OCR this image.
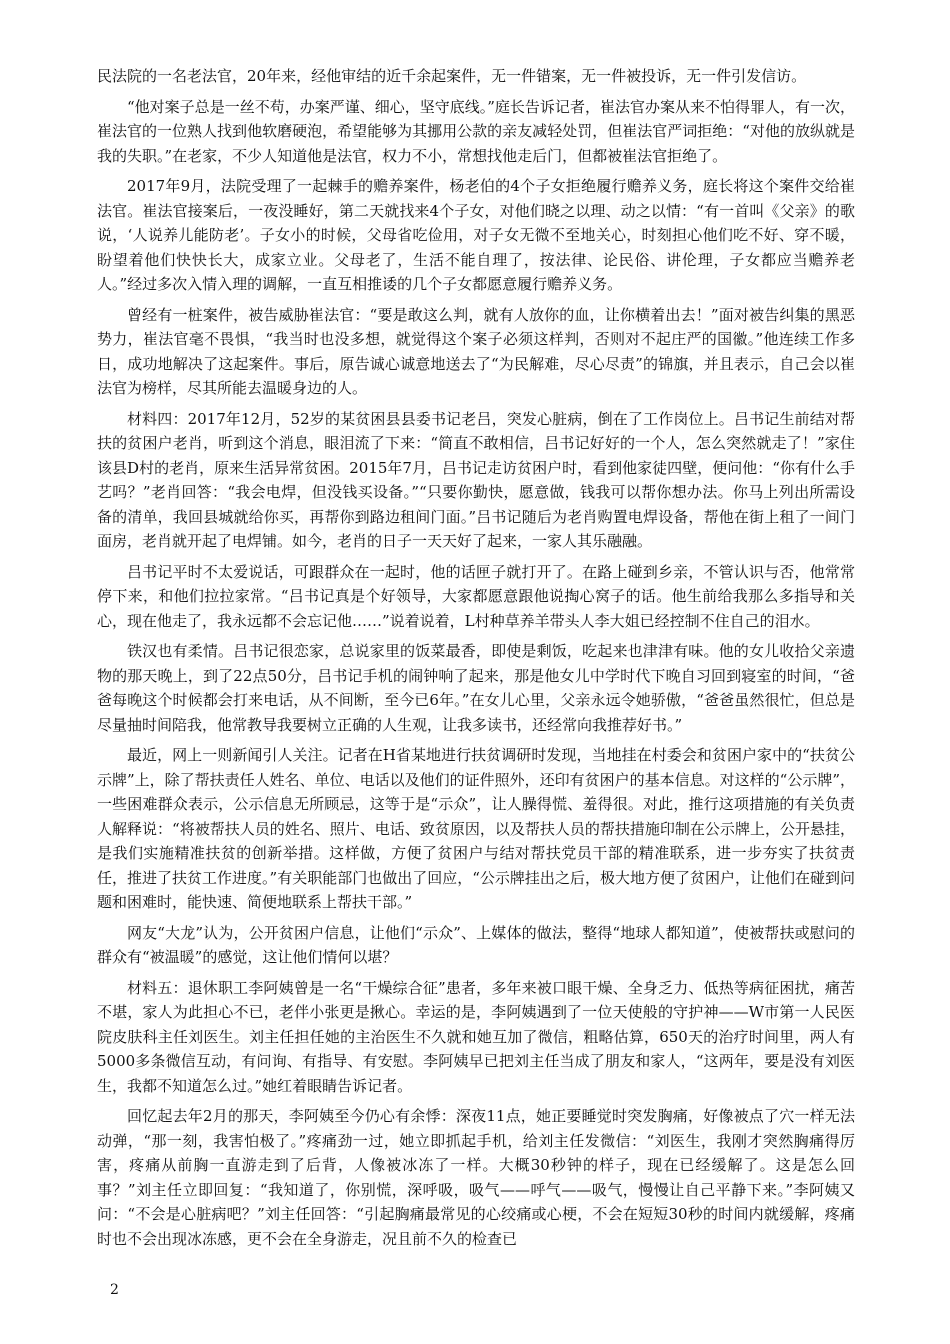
民法院的一名老法官，20年来，经他审结的近千余起案件，无一件错案，无一件被投诉，无一件引发信访。

“他对案子总是一丝不苟，办案严谨、细心，坚守底线。”庭长告诉记者，崔法官办案从来不怕得罪人，有一次，崔法官的一位熟人找到他软磨硬泡，希望能够为其挪用公款的亲友减轻处罚，但崔法官严词拒绝：“对他的放纵就是我的失职。”在老家，不少人知道他是法官，权力不小，常想找他走后门，但都被崔法官拒绝了。

2017年9月，法院受理了一起棘手的赡养案件，杨老伯的4个子女拒绝履行赡养义务，庭长将这个案件交给崔法官。崔法官接案后，一夜没睡好，第二天就找来4个子女，对他们晓之以理、动之以情：“有一首叫《父亲》的歌说，‘人说养儿能防老’。子女小的时候，父母省吃俭用，对子女无微不至地关心，时刻担心他们吃不好、穿不暖，盼望着他们快快长大，成家立业。父母老了，生活不能自理了，按法律、论民俗、讲伦理，子女都应当赡养老人。”经过多次入情入理的调解，一直互相推诿的几个子女都愿意履行赡养义务。

曾经有一桩案件，被告威胁崔法官：“要是敢这么判，就有人放你的血，让你横着出去！”面对被告纠集的黑恶势力，崔法官毫不畏惧，“我当时也没多想，就觉得这个案子必须这样判，否则对不起庄严的国徽。”他连续工作多日，成功地解决了这起案件。事后，原告诚心诚意地送去了“为民解难，尽心尽责”的锦旗，并且表示，自己会以崔法官为榜样，尽其所能去温暖身边的人。

材料四：2017年12月，52岁的某贫困县县委书记老吕，突发心脏病，倒在了工作岗位上。吕书记生前结对帮扶的贫困户老肖，听到这个消息，眼泪流了下来：“简直不敢相信，吕书记好好的一个人，怎么突然就走了！”家住该县D村的老肖，原来生活异常贫困。2015年7月，吕书记走访贫困户时，看到他家徒四壁，便问他：“你有什么手艺吗？”老肖回答：“我会电焊，但没钱买设备。”“只要你勤快，愿意做，钱我可以帮你想办法。你马上列出所需设备的清单，我回县城就给你买，再帮你到路边租间门面。”吕书记随后为老肖购置电焊设备，帮他在街上租了一间门面房，老肖就开起了电焊铺。如今，老肖的日子一天天好了起来，一家人其乐融融。

吕书记平时不太爱说话，可跟群众在一起时，他的话匣子就打开了。在路上碰到乡亲，不管认识与否，他常常停下来，和他们拉拉家常。“吕书记真是个好领导，大家都愿意跟他说掏心窝子的话。他生前给我那么多指导和关心，现在他走了，我永远都不会忘记他……”说着说着，L村种草养羊带头人李大姐已经控制不住自己的泪水。

铁汉也有柔情。吕书记很恋家，总说家里的饭菜最香，即使是剩饭，吃起来也津津有味。他的女儿收拾父亲遗物的那天晚上，到了22点50分，吕书记手机的闹钟响了起来，那是他女儿中学时代下晚自习回到寝室的时间，“爸爸每晚这个时候都会打来电话，从不间断，至今已6年。”在女儿心里，父亲永远令她骄傲，“爸爸虽然很忙，但总是尽量抽时间陪我，他常教导我要树立正确的人生观，让我多读书，还经常向我推荐好书。”

最近，网上一则新闻引人关注。记者在H省某地进行扶贫调研时发现，当地挂在村委会和贫困户家中的“扶贫公示牌”上，除了帮扶责任人姓名、单位、电话以及他们的证件照外，还印有贫困户的基本信息。对这样的“公示牌”，一些困难群众表示，公示信息无所顾忌，这等于是“示众”，让人臊得慌、羞得很。对此，推行这项措施的有关负责人解释说：“将被帮扶人员的姓名、照片、电话、致贫原因，以及帮扶人员的帮扶措施印制在公示牌上，公开悬挂，是我们实施精准扶贫的创新举措。这样做，方便了贫困户与结对帮扶党员干部的精准联系，进一步夯实了扶贫责任，推进了扶贫工作进度。”有关职能部门也做出了回应，“公示牌挂出之后，极大地方便了贫困户，让他们在碰到问题和困难时，能快速、简便地联系上帮扶干部。”

网友“大龙”认为，公开贫困户信息，让他们“示众”、上媒体的做法，整得“地球人都知道”，使被帮扶或慰问的群众有“被温暖”的感觉，这让他们情何以堪？

材料五：退休职工李阿姨曾是一名“干燥综合征”患者，多年来被口眼干燥、全身乏力、低热等病征困扰，痛苦不堪，家人为此担心不已，老伴小张更是揪心。幸运的是，李阿姨遇到了一位天使般的守护神——W市第一人民医院皮肤科主任刘医生。刘主任担任她的主治医生不久就和她互加了微信，粗略估算，650天的治疗时间里，两人有5000多条微信互动，有问询、有指导、有安慰。李阿姨早已把刘主任当成了朋友和家人，“这两年，要是没有刘医生，我都不知道怎么过。”她红着眼睛告诉记者。

回忆起去年2月的那天，李阿姨至今仍心有余悸：深夜11点，她正要睡觉时突发胸痛，好像被点了穴一样无法动弹，“那一刻，我害怕极了。”疼痛劲一过，她立即抓起手机，给刘主任发微信：“刘医生，我刚才突然胸痛得厉害，疼痛从前胸一直游走到了后背，人像被冰冻了一样。大概30秒钟的样子，现在已经缓解了。这是怎么回事？”刘主任立即回复：“我知道了，你别慌，深呼吸，吸气——呼气——吸气，慢慢让自己平静下来。”李阿姨又问：“不会是心脏病吧？”刘主任回答：“引起胸痛最常见的心绞痛或心梗，不会在短短30秒的时间内就缓解，疼痛时也不会出现冰冻感，更不会在全身游走，况且前不久的检查已

2
